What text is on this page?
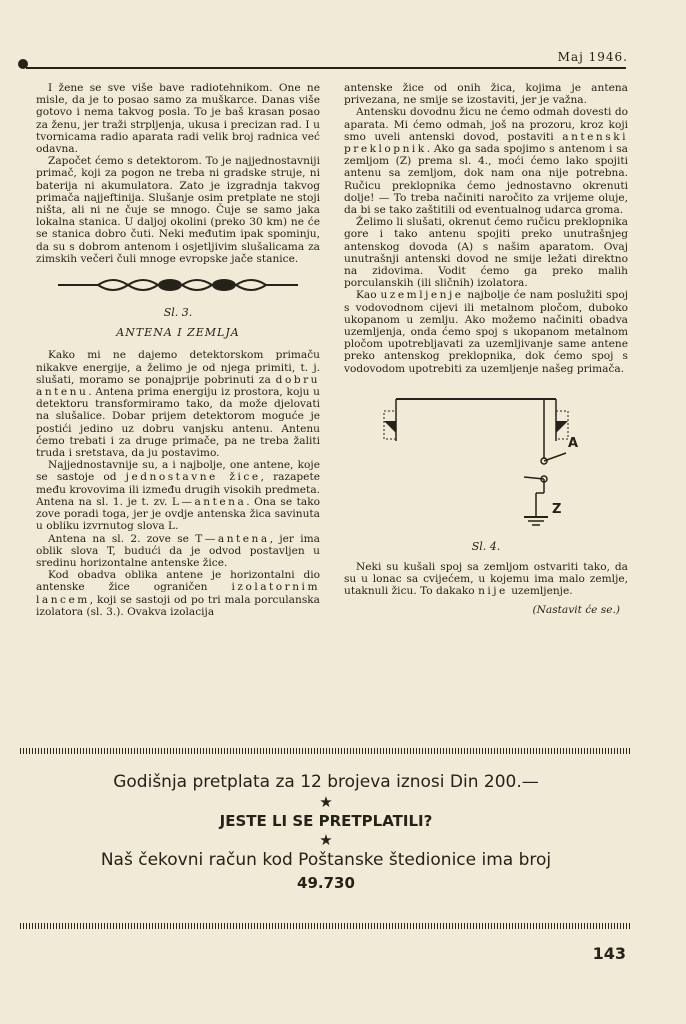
Maj 1946.

I žene se sve više bave radiotehnikom. One ne misle, da je to posao samo za muškarce. Danas više gotovo i nema takvog posla. To je baš krasan posao za ženu, jer traži strpljenja, ukusa i precizan rad. I u tvornicama radio aparata radi velik broj radnica već odavna.

Započet ćemo s detektorom. To je najjednostavniji primač, koji za pogon ne treba ni gradske struje, ni baterija ni akumulatora. Zato je izgradnja takvog primača najjeftinija. Slušanje osim pretplate ne stoji ništa, ali ni ne čuje se mnogo. Čuje se samo jaka lokalna stanica. U daljoj okolini (preko 30 km) ne će se stanica dobro čuti. Neki međutim ipak spominju, da su s dobrom antenom i osjetljivim slušalicama za zimskih večeri čuli mnoge evropske jače stanice.

Sl. 3.
ANTENA I ZEMLJA

Kako mi ne dajemo detektorskom primaču nikakve energije, a želimo je od njega primiti, t. j. slušati, moramo se ponajprije pobrinuti za dobru antenu. Antena prima energiju iz prostora, koju u detektoru transformiramo tako, da može djelovati na slušalice. Dobar prijem detektorom moguće je postići jedino uz dobru vanjsku antenu. Antenu ćemo trebati i za druge primače, pa ne treba žaliti truda i sretstava, da ju postavimo.

Najjednostavnije su, a i najbolje, one antene, koje se sastoje od jednostavne žice, razapete među krovovima ili između drugih visokih predmeta. Antena na sl. 1. je t. zv. L—antena. Ona se tako zove poradi toga, jer je ovdje antenska žica savinuta u obliku izvrnutog slova L.

Antena na sl. 2. zove se T—antena, jer ima oblik slova T, budući da je odvod postavljen u sredinu horizontalne antenske žice.

Kod obadva oblika antene je horizontalni dio antenske žice ograničen izolatornim lancem, koji se sastoji od po tri mala porculanska izolatora (sl. 3.). Ovakva izolacija

antenske žice od onih žica, kojima je antena privezana, ne smije se izostaviti, jer je važna.

Antensku dovodnu žicu ne ćemo odmah dovesti do aparata. Mi ćemo odmah, još na prozoru, kroz koji smo uveli antenski dovod, postaviti antenski preklopnik. Ako ga sada spojimo s antenom i sa zemljom (Z) prema sl. 4., moći ćemo lako spojiti antenu sa zemljom, dok nam ona nije potrebna. Ručicu preklopnika ćemo jednostavno okrenuti dolje! — To treba načiniti naročito za vrijeme oluje, da bi se tako zaštitili od eventualnog udarca groma.

Želimo li slušati, okrenut ćemo ručicu preklopnika gore i tako antenu spojiti preko unutrašnjeg antenskog dovoda (A) s našim aparatom. Ovaj unutrašnji antenski dovod ne smije ležati direktno na zidovima. Vodit ćemo ga preko malih porculanskih (ili sličnih) izolatora.

Kao uzemljenje najbolje će nam poslužiti spoj s vodovodnom cijevi ili metalnom pločom, duboko ukopanom u zemlju. Ako možemo načiniti obadva uzemljenja, onda ćemo spoj s ukopanom metalnom pločom upotrebljavati za uzemljivanje same antene preko antenskog preklopnika, dok ćemo spoj s vodovodom upotrebiti za uzemljenje našeg primača.

A
Z
Sl. 4.

Neki su kušali spoj sa zemljom ostvariti tako, da su u lonac sa cvijećem, u kojemu ima malo zemlje, utaknuli žicu. To dakako nije uzemljenje.

(Nastavit će se.)
Godišnja pretplata za 12 brojeva iznosi Din 200.—
★
JESTE LI SE PRETPLATILI?
★
Naš čekovni račun kod Poštanske štedionice ima broj
49.730
143
